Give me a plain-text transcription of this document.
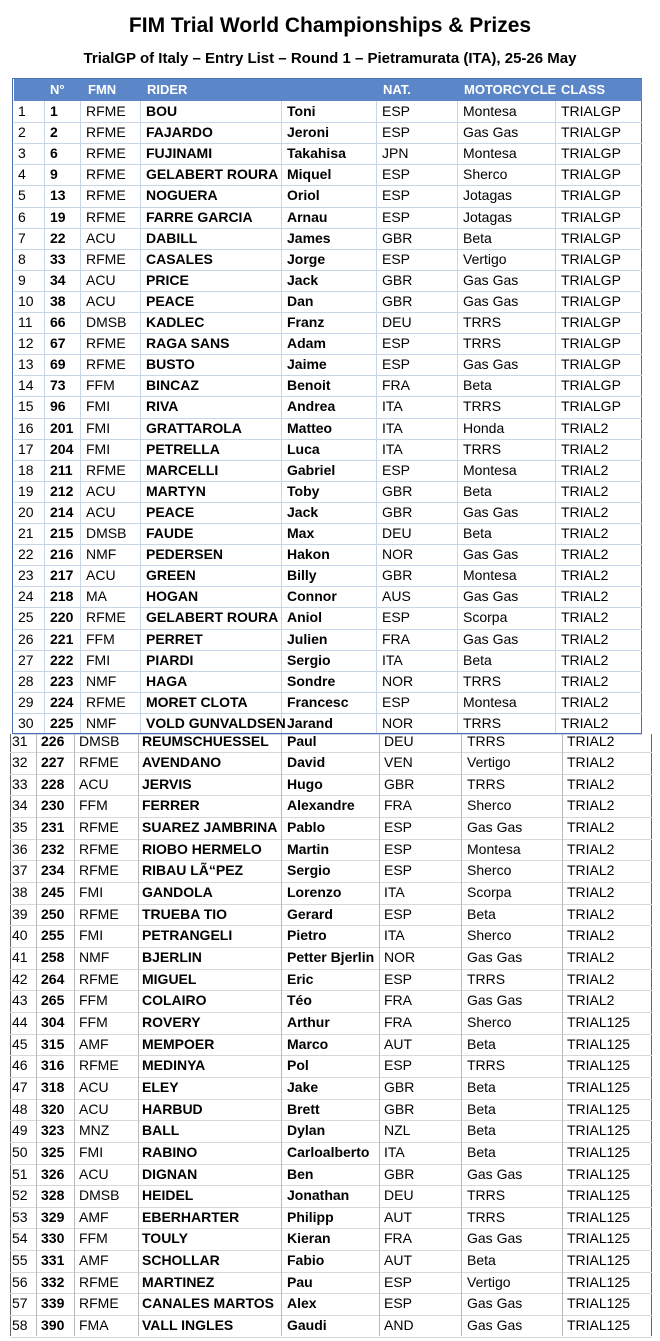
FIM Trial World Championships & Prizes
TrialGP of Italy – Entry List – Round 1 – Pietramurata (ITA), 25-26 May
N° FMN RIDER	NAT.	MOTORCYCLE CLASS
1 1 RFME BOU	Toni	ESP	Montesa	TRIALGP
2 2 RFME FAJARDO	Jeroni	ESP	Gas Gas	TRIALGP
3 6 RFME FUJINAMI	Takahisa	JPN	Montesa	TRIALGP
4 9 RFME GELABERT ROURA Miquel	ESP	Sherco	TRIALGP
5 13 RFME NOGUERA	Oriol	ESP	Jotagas	TRIALGP
6 19 RFME FARRE GARCIA Arnau	ESP	Jotagas	TRIALGP
7 22 ACU DABILL	James	GBR	Beta	TRIALGP
8 33 RFME CASALES	Jorge	ESP	Vertigo	TRIALGP
9 34 ACU PRICE	Jack	GBR	Gas Gas	TRIALGP
10 38 ACU PEACE	Dan	GBR	Gas Gas	TRIALGP
11 66 DMSB KADLEC	Franz	DEU	TRRS	TRIALGP
12 67 RFME RAGA SANS	Adam	ESP	TRRS	TRIALGP
13 69 RFME BUSTO	Jaime	ESP	Gas Gas	TRIALGP
14 73 FFM BINCAZ	Benoit	FRA	Beta	TRIALGP
15 96 FMI	RIVA	Andrea	ITA	TRRS	TRIALGP
16 201 FMI	GRATTAROLA	Matteo	ITA	Honda	TRIAL2
17 204 FMI	PETRELLA	Luca	ITA	TRRS	TRIAL2
18 211 RFME MARCELLI	Gabriel	ESP	Montesa	TRIAL2
19 212 ACU MARTYN	Toby	GBR	Beta	TRIAL2
20 214 ACU PEACE	Jack	GBR	Gas Gas	TRIAL2
21 215 DMSB FAUDE	Max	DEU	Beta	TRIAL2
22 216 NMF PEDERSEN	Hakon	NOR	Gas Gas	TRIAL2
23 217 ACU GREEN	Billy	GBR	Montesa	TRIAL2
24 218 MA	HOGAN	Connor	AUS	Gas Gas	TRIAL2
25 220 RFME GELABERT ROURA Aniol	ESP	Scorpa	TRIAL2
26 221 FFM PERRET	Julien	FRA	Gas Gas	TRIAL2
27 222 FMI	PIARDI	Sergio	ITA	Beta	TRIAL2
28 223 NMF HAGA	Sondre	NOR	TRRS	TRIAL2
29 224 RFME MORET CLOTA	Francesc ESP	Montesa	TRIAL2
30 225 NMF VOLD GUNVALDSEN Jarand	NOR	TRRS	TRIAL2
31 226 DMSB REUMSCHUESSEL Paul	DEU	TRRS	TRIAL2
32 227 RFME AVENDANO	David	VEN	Vertigo	TRIAL2
33 228 ACU JERVIS	Hugo	GBR	TRRS	TRIAL2
34 230 FFM FERRER	Alexandre FRA	Sherco	TRIAL2
35 231 RFME SUAREZ JAMBRINA Pablo	ESP	Gas Gas	TRIAL2
36 232 RFME RIOBO HERMELO Martin	ESP	Montesa	TRIAL2
37 234 RFME RIBAU LÃ“PEZ	Sergio	ESP	Sherco	TRIAL2
38 245 FMI	GANDOLA	Lorenzo	ITA	Scorpa	TRIAL2
39 250 RFME TRUEBA TIO	Gerard	ESP	Beta	TRIAL2
40 255 FMI	PETRANGELI	Pietro	ITA	Sherco	TRIAL2
41 258 NMF BJERLIN	Petter Bjerlin NOR	Gas Gas	TRIAL2
42 264 RFME MIGUEL	Eric	ESP	TRRS	TRIAL2
43 265 FFM COLAIRO	Téo	FRA	Gas Gas	TRIAL2
44 304 FFM ROVERY	Arthur	FRA	Sherco	TRIAL125
45 315 AMF MEMPOER	Marco	AUT	Beta	TRIAL125
46 316 RFME MEDINYA	Pol	ESP	TRRS	TRIAL125
47 318 ACU ELEY	Jake	GBR	Beta	TRIAL125
48 320 ACU HARBUD	Brett	GBR	Beta	TRIAL125
49 323 MNZ BALL	Dylan	NZL	Beta	TRIAL125
50 325 FMI	RABINO	Carloalberto ITA	Beta	TRIAL125
51 326 ACU DIGNAN	Ben	GBR	Gas Gas	TRIAL125
52 328 DMSB HEIDEL	Jonathan DEU	TRRS	TRIAL125
53 329 AMF EBERHARTER	Philipp	AUT	TRRS	TRIAL125
54 330 FFM TOULY	Kieran	FRA	Gas Gas	TRIAL125
55 331 AMF SCHOLLAR	Fabio	AUT	Beta	TRIAL125
56 332 RFME MARTINEZ	Pau	ESP	Vertigo	TRIAL125
57 339 RFME CANALES MARTOS Alex	ESP	Gas Gas	TRIAL125
58 390 FMA VALL INGLES	Gaudi	AND	Gas Gas	TRIAL125
